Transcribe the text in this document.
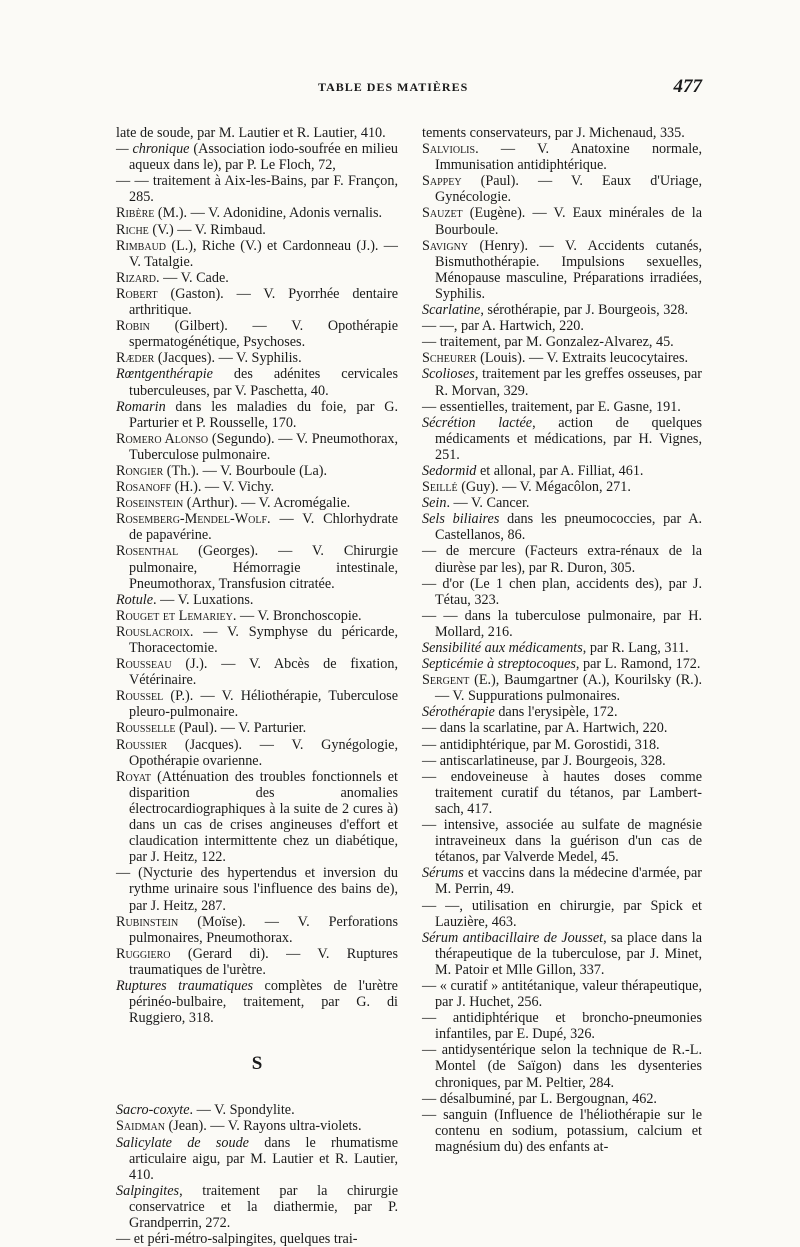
TABLE DES MATIÈRES	477

late de soude, par M. Lautier et R. Lautier, 410.

— chronique (Association iodo-soufrée en milieu aqueux dans le), par P. Le Floch, 72,

— — traitement à Aix-les-Bains, par F. Françon, 285.

Ribère (M.). — V. Adonidine, Adonis vernalis.

Riche (V.) — V. Rimbaud.

Rimbaud (L.), Riche (V.) et Cardonneau (J.). — V. Tatalgie.

Rizard. — V. Cade.

Robert (Gaston). — V. Pyorrhée dentaire arthritique.

Robin (Gilbert). — V. Opothérapie spermatogénétique, Psychoses.

Ræder (Jacques). — V. Syphilis.

Rœntgenthérapie des adénites cervicales tuberculeuses, par V. Paschetta, 40.

Romarin dans les maladies du foie, par G. Parturier et P. Rousselle, 170.

Romero Alonso (Segundo). — V. Pneumothorax, Tuberculose pulmonaire.

Rongier (Th.). — V. Bourboule (La).

Rosanoff (H.). — V. Vichy.

Roseinstein (Arthur). — V. Acromégalie.

Rosemberg-Mendel-Wolf. — V. Chlorhydrate de papavérine.

Rosenthal (Georges). — V. Chirurgie pulmonaire, Hémorragie intestinale, Pneumothorax, Transfusion citratée.

Rotule. — V. Luxations.

Rouget et Lemariey. — V. Bronchoscopie.

Rouslacroix. — V. Symphyse du péricarde, Thoracectomie.

Rousseau (J.). — V. Abcès de fixation, Vétérinaire.

Roussel (P.). — V. Héliothérapie, Tuberculose pleuro-pulmonaire.

Rousselle (Paul). — V. Parturier.

Roussier (Jacques). — V. Gynégologie, Opothérapie ovarienne.

Royat (Atténuation des troubles fonctionnels et disparition des anomalies électrocardiographiques à la suite de 2 cures à) dans un cas de crises angineuses d'effort et claudication intermittente chez un diabétique, par J. Heitz, 122.

— (Nycturie des hypertendus et inversion du rythme urinaire sous l'influence des bains de), par J. Heitz, 287.

Rubinstein (Moïse). — V. Perforations pulmonaires, Pneumothorax.

Ruggiero (Gerard di). — V. Ruptures traumatiques de l'urètre.

Ruptures traumatiques complètes de l'urètre périnéo-bulbaire, traitement, par G. di Ruggiero, 318.

S

Sacro-coxyte. — V. Spondylite.

Saidman (Jean). — V. Rayons ultra-violets.

Salicylate de soude dans le rhumatisme articulaire aigu, par M. Lautier et R. Lautier, 410.

Salpingites, traitement par la chirurgie conservatrice et la diathermie, par P. Grandperrin, 272.

— et péri-métro-salpingites, quelques trai-

tements conservateurs, par J. Michenaud, 335.

Salviolis. — V. Anatoxine normale, Immunisation antidiphtérique.

Sappey (Paul). — V. Eaux d'Uriage, Gynécologie.

Sauzet (Eugène). — V. Eaux minérales de la Bourboule.

Savigny (Henry). — V. Accidents cutanés, Bismuthothérapie. Impulsions sexuelles, Ménopause masculine, Préparations irradiées, Syphilis.

Scarlatine, sérothérapie, par J. Bourgeois, 328.

— —, par A. Hartwich, 220.

— traitement, par M. Gonzalez-Alvarez, 45.

Scheurer (Louis). — V. Extraits leucocytaires.

Scolioses, traitement par les greffes osseuses, par R. Morvan, 329.

— essentielles, traitement, par E. Gasne, 191.

Sécrétion lactée, action de quelques médicaments et médications, par H. Vignes, 251.

Sedormid et allonal, par A. Filliat, 461.

Seillé (Guy). — V. Mégacôlon, 271.

Sein. — V. Cancer.

Sels biliaires dans les pneumococcies, par A. Castellanos, 86.

— de mercure (Facteurs extra-rénaux de la diurèse par les), par R. Duron, 305.

— d'or (Le 1 chen plan, accidents des), par J. Tétau, 323.

— — dans la tuberculose pulmonaire, par H. Mollard, 216.

Sensibilité aux médicaments, par R. Lang, 311.

Septicémie à streptocoques, par L. Ramond, 172.

Sergent (E.), Baumgartner (A.), Kourilsky (R.). — V. Suppurations pulmonaires.

Sérothérapie dans l'erysipèle, 172.

— dans la scarlatine, par A. Hartwich, 220.

— antidiphtérique, par M. Gorostidi, 318.

— antiscarlatineuse, par J. Bourgeois, 328.

— endoveineuse à hautes doses comme traitement curatif du tétanos, par Lambert-sach, 417.

— intensive, associée au sulfate de magnésie intraveineux dans la guérison d'un cas de tétanos, par Valverde Medel, 45.

Sérums et vaccins dans la médecine d'armée, par M. Perrin, 49.

— —, utilisation en chirurgie, par Spick et Lauzière, 463.

Sérum antibacillaire de Jousset, sa place dans la thérapeutique de la tuberculose, par J. Minet, M. Patoir et Mlle Gillon, 337.

— « curatif » antitétanique, valeur thérapeutique, par J. Huchet, 256.

— antidiphtérique et broncho-pneumonies infantiles, par E. Dupé, 326.

— antidysentérique selon la technique de R.-L. Montel (de Saïgon) dans les dysenteries chroniques, par M. Peltier, 284.

— désalbuminé, par L. Bergougnan, 462.

— sanguin (Influence de l'héliothérapie sur le contenu en sodium, potassium, calcium et magnésium du) des enfants at-
